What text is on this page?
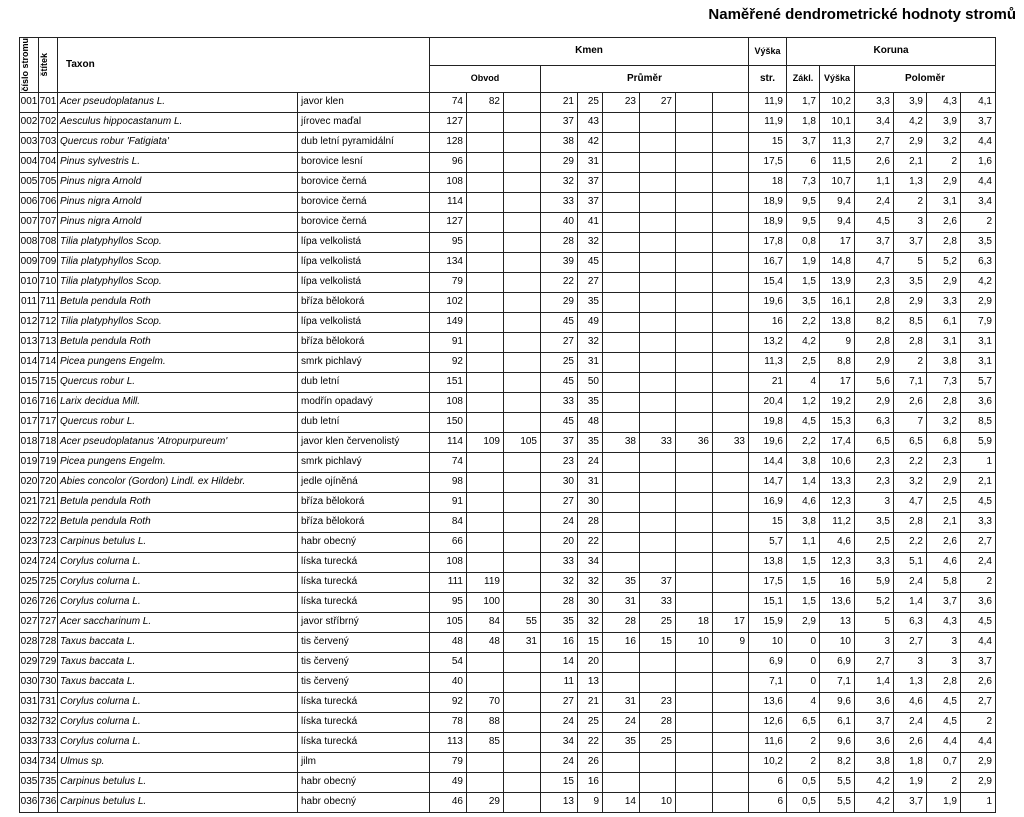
Naměřené dendrometrické hodnoty stromů
číslo stromu	štítek	Taxon		Kmen									Výška	Koruna					
				Obvod			Průměr						str.	Zákl.	Výška	Poloměr			
001	701	Acer pseudoplatanus L.	javor klen	74	82		21	25	23	27			11,9	1,7	10,2	3,3	3,9	4,3	4,1
002	702	Aesculus hippocastanum L.	jírovec maďal	127			37	43					11,9	1,8	10,1	3,4	4,2	3,9	3,7
003	703	Quercus robur 'Fatigiata'	dub letní pyramidální	128			38	42					15	3,7	11,3	2,7	2,9	3,2	4,4
004	704	Pinus sylvestris L.	borovice lesní	96			29	31					17,5	6	11,5	2,6	2,1	2	1,6
005	705	Pinus nigra Arnold	borovice černá	108			32	37					18	7,3	10,7	1,1	1,3	2,9	4,4
006	706	Pinus nigra Arnold	borovice černá	114			33	37					18,9	9,5	9,4	2,4	2	3,1	3,4
007	707	Pinus nigra Arnold	borovice černá	127			40	41					18,9	9,5	9,4	4,5	3	2,6	2
008	708	Tilia platyphyllos Scop.	lípa velkolistá	95			28	32					17,8	0,8	17	3,7	3,7	2,8	3,5
009	709	Tilia platyphyllos Scop.	lípa velkolistá	134			39	45					16,7	1,9	14,8	4,7	5	5,2	6,3
010	710	Tilia platyphyllos Scop.	lípa velkolistá	79			22	27					15,4	1,5	13,9	2,3	3,5	2,9	4,2
011	711	Betula pendula Roth	bříza bělokorá	102			29	35					19,6	3,5	16,1	2,8	2,9	3,3	2,9
012	712	Tilia platyphyllos Scop.	lípa velkolistá	149			45	49					16	2,2	13,8	8,2	8,5	6,1	7,9
013	713	Betula pendula Roth	bříza bělokorá	91			27	32					13,2	4,2	9	2,8	2,8	3,1	3,1
014	714	Picea pungens Engelm.	smrk pichlavý	92			25	31					11,3	2,5	8,8	2,9	2	3,8	3,1
015	715	Quercus robur L.	dub letní	151			45	50					21	4	17	5,6	7,1	7,3	5,7
016	716	Larix decidua Mill.	modřín opadavý	108			33	35					20,4	1,2	19,2	2,9	2,6	2,8	3,6
017	717	Quercus robur L.	dub letní	150			45	48					19,8	4,5	15,3	6,3	7	3,2	8,5
018	718	Acer pseudoplatanus 'Atropurpureum'	javor klen červenolistý	114	109	105	37	35	38	33	36	33	19,6	2,2	17,4	6,5	6,5	6,8	5,9
019	719	Picea pungens Engelm.	smrk pichlavý	74			23	24					14,4	3,8	10,6	2,3	2,2	2,3	1
020	720	Abies concolor (Gordon) Lindl. ex Hildebr.	jedle ojíněná	98			30	31					14,7	1,4	13,3	2,3	3,2	2,9	2,1
021	721	Betula pendula Roth	bříza bělokorá	91			27	30					16,9	4,6	12,3	3	4,7	2,5	4,5
022	722	Betula pendula Roth	bříza bělokorá	84			24	28					15	3,8	11,2	3,5	2,8	2,1	3,3
023	723	Carpinus betulus L.	habr obecný	66			20	22					5,7	1,1	4,6	2,5	2,2	2,6	2,7
024	724	Corylus colurna L.	líska turecká	108			33	34					13,8	1,5	12,3	3,3	5,1	4,6	2,4
025	725	Corylus colurna L.	líska turecká	111	119		32	32	35	37			17,5	1,5	16	5,9	2,4	5,8	2
026	726	Corylus colurna L.	líska turecká	95	100		28	30	31	33			15,1	1,5	13,6	5,2	1,4	3,7	3,6
027	727	Acer saccharinum L.	javor stříbrný	105	84	55	35	32	28	25	18	17	15,9	2,9	13	5	6,3	4,3	4,5
028	728	Taxus baccata L.	tis červený	48	48	31	16	15	16	15	10	9	10	0	10	3	2,7	3	4,4
029	729	Taxus baccata L.	tis červený	54			14	20					6,9	0	6,9	2,7	3	3	3,7
030	730	Taxus baccata L.	tis červený	40			11	13					7,1	0	7,1	1,4	1,3	2,8	2,6
031	731	Corylus colurna L.	líska turecká	92	70		27	21	31	23			13,6	4	9,6	3,6	4,6	4,5	2,7
032	732	Corylus colurna L.	líska turecká	78	88		24	25	24	28			12,6	6,5	6,1	3,7	2,4	4,5	2
033	733	Corylus colurna L.	líska turecká	113	85		34	22	35	25			11,6	2	9,6	3,6	2,6	4,4	4,4
034	734	Ulmus sp.	jilm	79			24	26					10,2	2	8,2	3,8	1,8	0,7	2,9
035	735	Carpinus betulus L.	habr obecný	49			15	16					6	0,5	5,5	4,2	1,9	2	2,9
036	736	Carpinus betulus L.	habr obecný	46	29		13	9	14	10			6	0,5	5,5	4,2	3,7	1,9	1
